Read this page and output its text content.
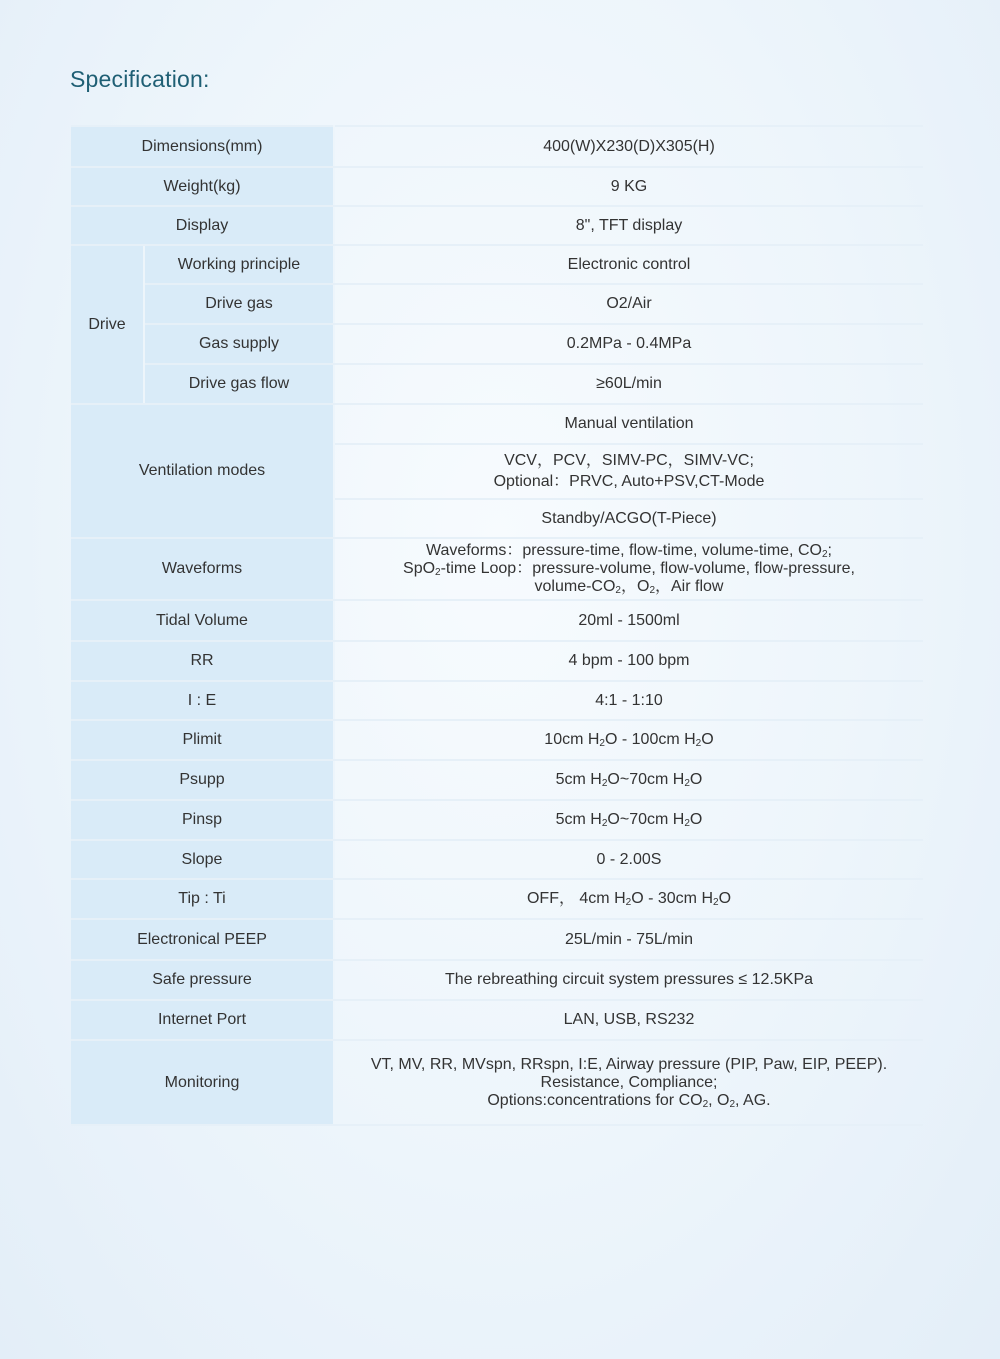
Specification:
Dimensions(mm)		400(W)X230(D)X305(H)
Weight(kg)		9 KG
Display		8", TFT display
Drive	Working principle	Electronic control
	Drive gas	O2/Air
	Gas supply	0.2MPa - 0.4MPa
	Drive gas flow	≥60L/min
Ventilation modes		Manual ventilation

		VCV，PCV，SIMV-PC，SIMV-VC;
Optional：PRVC, Auto+PSV,CT-Mode

		Standby/ACGO(T-Piece)
Waveforms		Waveforms：pressure-time, flow-time, volume-time, $CO_2$;
SpO$_2$-time Loop：pressure-volume, flow-volume, flow-pressure,
volume-$CO_2$，$O_2$，Air flow

Tidal Volume		20ml - 1500ml
RR		4 bpm - 100 bpm
I : E		4:1 - 1:10
Plimit		10cm $H_2O - 100cm$ $H_2O$
Psupp		5cm $H_2O\sim 70cm$ $H_2O$
Pinsp		5cm $H_2O\sim 70cm$ $H_2O$
Slope		0 - 2.00S
Tip : Ti		OFF， 4cm $H_2O - 30cm$ $H_2O$
Electronical PEEP		25L/min - 75L/min
Safe pressure		The rebreathing circuit system pressures ≤ 12.5KPa
Internet Port		LAN, USB, RS232
Monitoring		VT, MV, RR, MVspn, RRspn, I:E, Airway pressure (PIP, Paw, EIP, PEEP).
Resistance, Compliance;
Options:concentrations for $CO_2$, $O_2$, AG.
